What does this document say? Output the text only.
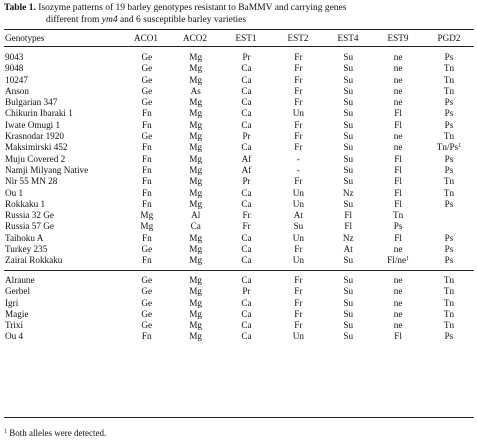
Table 1. Isozyme patterns of 19 barley genotypes resistant to BaMMV and carrying genes
different from ym4 and 6 susceptible barley varieties
Genotypes	ACO1	ACO2	EST1	EST2	EST4	EST9	PGD2
9043	Ge	Mg	Pr	Fr	Su	ne	Ps
9048	Ge	Mg	Ca	Fr	Su	ne	Tn
10247	Ge	Mg	Ca	Fr	Su	ne	Tn
Anson	Ge	As	Ca	Fr	Su	ne	Tn
Bulgarian 347	Ge	Mg	Ca	Fr	Su	ne	Ps
Chikurin Ibaraki 1	Fn	Mg	Ca	Un	Su	Fl	Ps
Iwate Omugi 1	Fn	Mg	Ca	Fr	Su	Fl	Ps
Krasnodar 1920	Ge	Mg	Pr	Fr	Su	ne	Tn
Maksimirski 452	Fn	Mg	Ca	Fr	Su	ne	Tn/Ps$^1$
Muju Covered 2	Fn	Mg	Af	-	Su	Fl	Ps
Namji Milyang Native	Fn	Mg	Af	-	Su	Fl	Ps
Nir 55 MN 28	Fn	Mg	Pr	Fr	Su	Fl	Tn
Ou 1	Fn	Mg	Ca	Un	Nz	Fl	Tn
Rokkaku 1	Fn	Mg	Ca	Un	Su	Fl	Ps
Russia 32 Ge	Mg	Al	Fr	At	Fl	Tn	
Russia 57 Ge	Mg	Ca	Fr	Su	Fl	Ps	
Taihoku A	Fn	Mg	Ca	Un	Nz	Fl	Ps
Turkey 235	Ge	Mg	Ca	Fr	At	ne	Ps
Zairai Rokkaku	Fn	Mg	Ca	Un	Su	$Fl/ne^1$	Ps
Alraune	Ge	Mg	Ca	Fr	Su	ne	Tn
Gerbel	Ge	Mg	Pr	Fr	Su	ne	Tn
Igri	Ge	Mg	Ca	Fr	Su	ne	Tn
Magie	Ge	Mg	Ca	Fr	Su	ne	Tn
Trixi	Ge	Mg	Ca	Fr	Su	ne	Tn
Ou 4	Fn	Mg	Ca	Un	Su	Fl	Ps
$^1$ Both alleles were detected.
